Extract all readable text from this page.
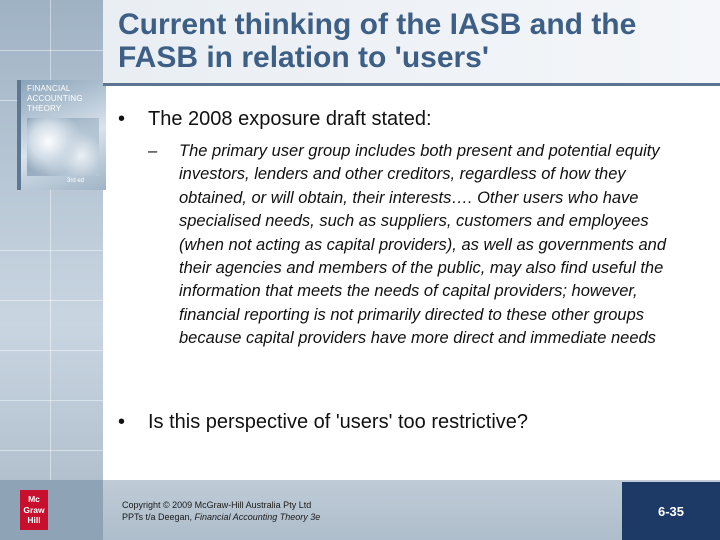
FINANCIAL ACCOUNTING THEORY
3rd ed
Current thinking of the IASB and the FASB in relation to 'users'
•	The 2008 exposure draft stated:
–	The primary user group includes both present and potential equity investors, lenders and other creditors, regardless of how they obtained, or will obtain, their interests…. Other users who have specialised needs, such as suppliers, customers and employees (when not acting as capital providers), as well as governments and their agencies and members of the public, may also find useful the information that meets the needs of capital providers; however, financial reporting is not primarily directed to these other groups because capital providers have more direct and immediate needs
•	Is this perspective of 'users' too restrictive?
Mc
Graw
Hill
Copyright © 2009 McGraw-Hill Australia Pty Ltd
PPTs t/a Deegan, Financial Accounting Theory 3e	6-35
